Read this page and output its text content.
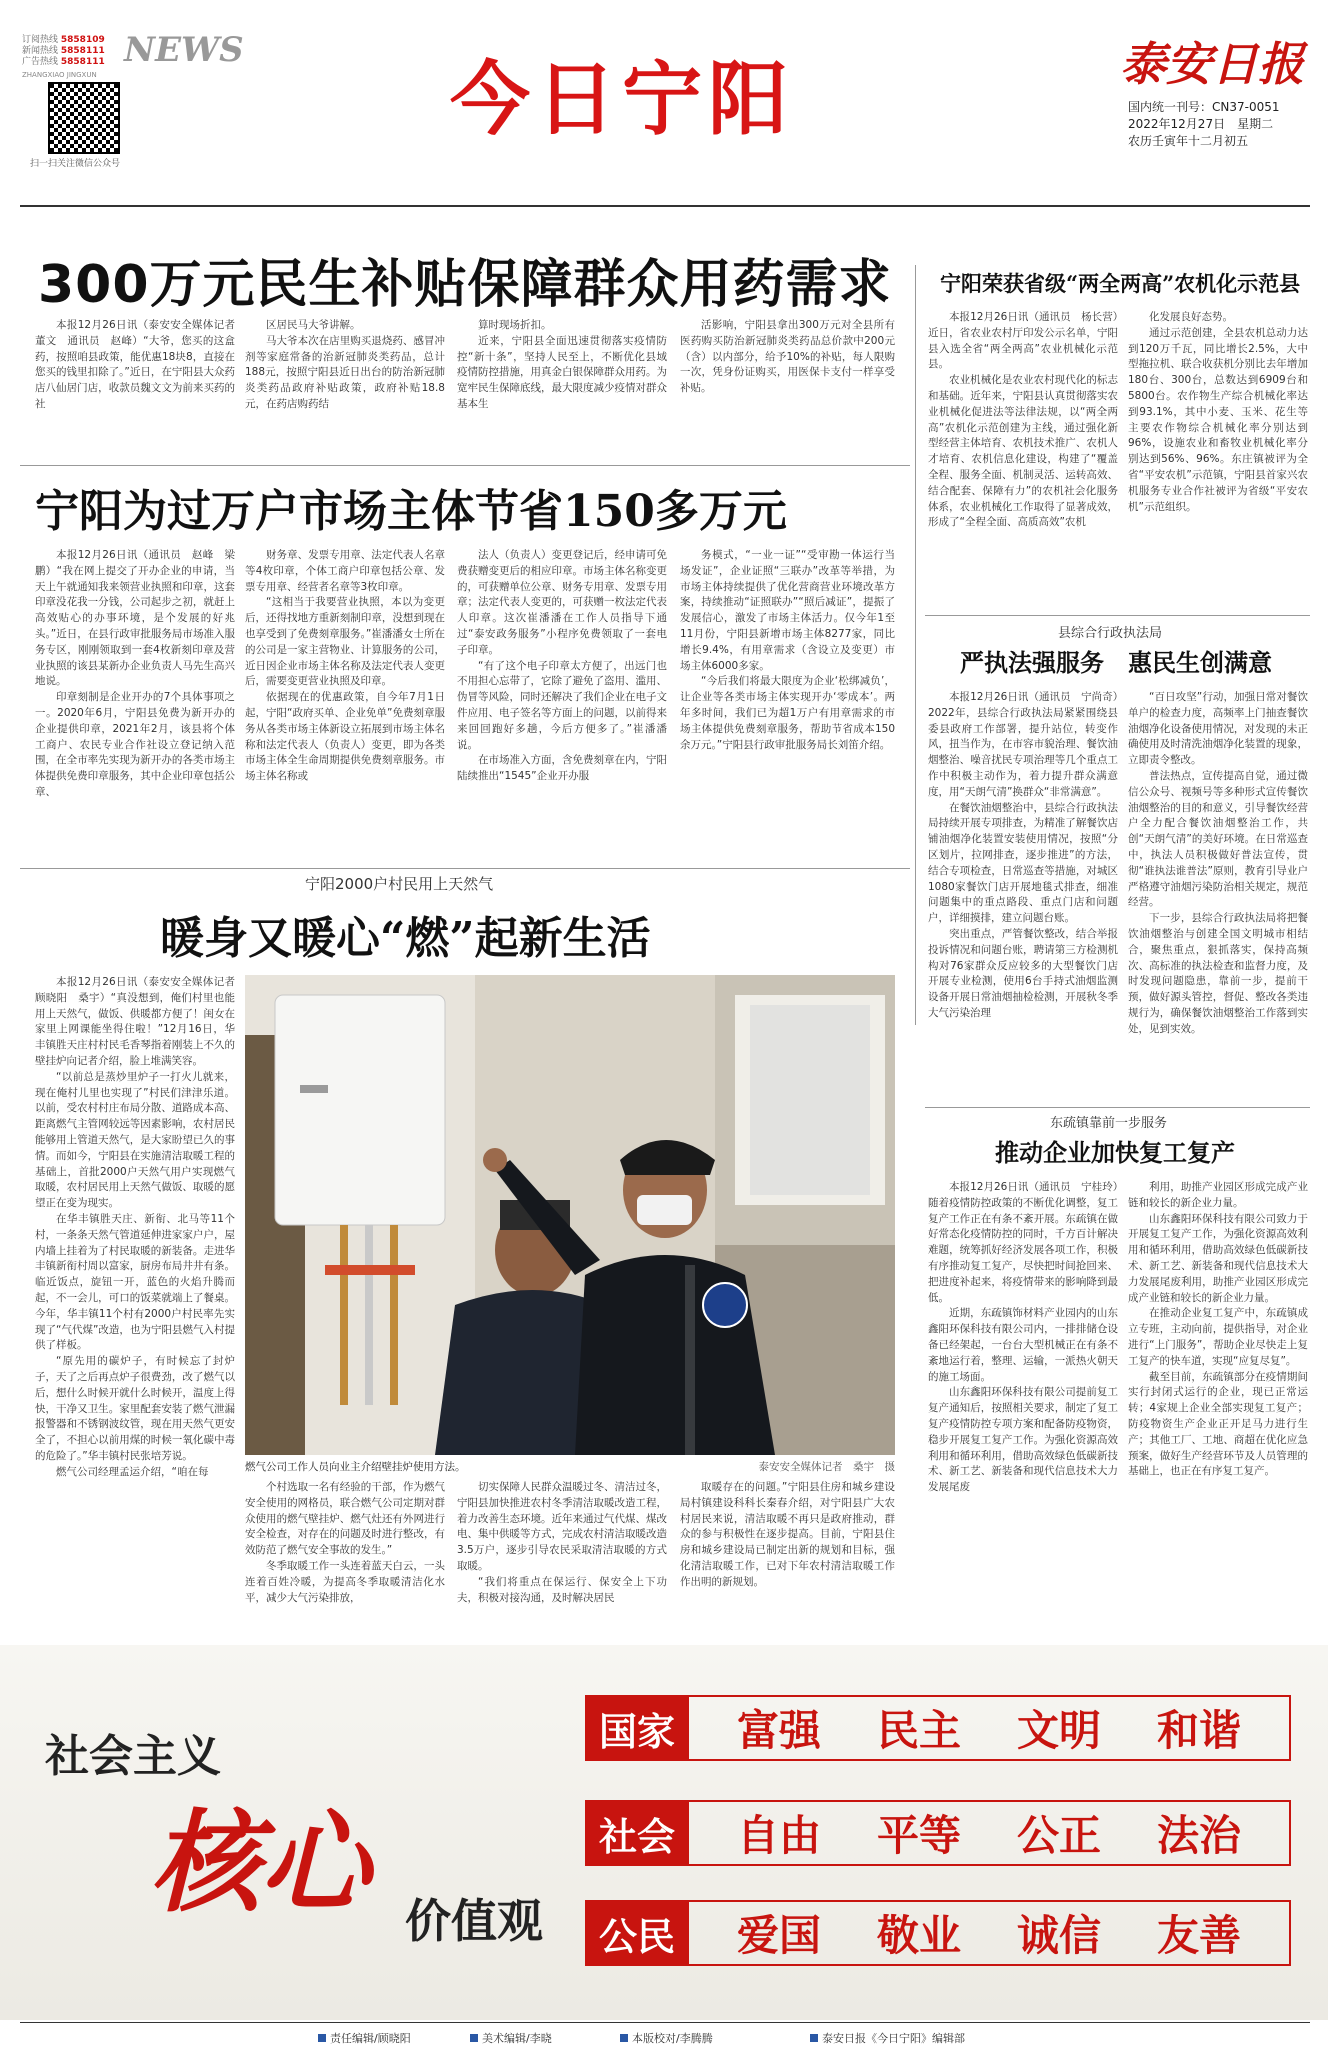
订阅热线 5858109
新闻热线 5858111
广告热线 5858111 NEWS
ZHANGXIAO JINGXUN
扫一扫关注微信公众号
今日宁阳	泰安日报
国内统一刊号：CN37-0051
2022年12月27日　星期二
农历壬寅年十二月初五
300万元民生补贴保障群众用药需求

本报12月26日讯（泰安安全媒体记者　董文　通讯员　赵峰）“大爷，您买的这盒药，按照咱县政策，能优惠18块8，直接在您买的钱里扣除了。”近日，在宁阳县大众药店八仙居门店，收款员魏文文为前来买药的社

区居民马大爷讲解。

马大爷本次在店里购买退烧药、感冒冲剂等家庭常备的治新冠肺炎类药品，总计188元，按照宁阳县近日出台的防治新冠肺炎类药品政府补贴政策，政府补贴18.8元，在药店购药结

算时现场折扣。

近来，宁阳县全面迅速贯彻落实疫情防控“新十条”，坚持人民至上，不断优化县域疫情防控措施，用真金白银保障群众用药。为宽牢民生保障底线，最大限度减少疫情对群众基本生

活影响，宁阳县拿出300万元对全县所有医药购买防治新冠肺炎类药品总价款中200元（含）以内部分，给予10%的补贴，每人限购一次，凭身份证购买，用医保卡支付一样享受补贴。

宁阳荣获省级“两全两高”农机化示范县

本报12月26日讯（通讯员　杨长营）近日，省农业农村厅印发公示名单，宁阳县入选全省“两全两高”农业机械化示范县。

农业机械化是农业农村现代化的标志和基础。近年来，宁阳县认真贯彻落实农业机械化促进法等法律法规，以“两全两高”农机化示范创建为主线，通过强化新型经营主体培育、农机技术推广、农机人才培育、农机信息化建设，构建了“覆盖全程、服务全面、机制灵活、运转高效、结合配套、保障有力”的农机社会化服务体系，农业机械化工作取得了显著成效，形成了“全程全面、高质高效”农机

化发展良好态势。

通过示范创建，全县农机总动力达到120万千瓦，同比增长2.5%，大中型拖拉机、联合收获机分别比去年增加180台、300台，总数达到6909台和5800台。农作物生产综合机械化率达到93.1%，其中小麦、玉米、花生等主要农作物综合机械化率分别达到96%，设施农业和畜牧业机械化率分别达到56%、96%。东庄镇被评为全省“平安农机”示范镇，宁阳县首家兴农机服务专业合作社被评为省级“平安农机”示范组织。

宁阳为过万户市场主体节省150多万元

本报12月26日讯（通讯员　赵峰　梁鹏）“我在网上提交了开办企业的申请，当天上午就通知我来领营业执照和印章，这套印章没花我一分钱，公司起步之初，就赶上高效贴心的办事环境，是个发展的好兆头。”近日，在县行政审批服务局市场准入服务专区，刚刚领取到一套4枚新刻印章及营业执照的该县某新办企业负责人马先生高兴地说。

印章刻制是企业开办的7个具体事项之一。2020年6月，宁阳县免费为新开办的企业提供印章，2021年2月，该县将个体工商户、农民专业合作社设立登记纳入范围，在全市率先实现为新开办的各类市场主体提供免费印章服务，其中企业印章包括公章、

财务章、发票专用章、法定代表人名章等4枚印章，个体工商户印章包括公章、发票专用章、经营者名章等3枚印章。

“这相当于我要营业执照，本以为变更后，还得找地方重新刻制印章，没想到现在也享受到了免费刻章服务。”崔潘潘女士所在的公司是一家主营物业、计算服务的公司，近日因企业市场主体名称及法定代表人变更后，需要变更营业执照及印章。

依据现在的优惠政策，自今年7月1日起，宁阳“政府买单、企业免单”免费刻章服务从各类市场主体新设立拓展到市场主体名称和法定代表人（负责人）变更，即为各类市场主体全生命周期提供免费刻章服务。市场主体名称或

法人（负责人）变更登记后，经申请可免费获赠变更后的相应印章。市场主体名称变更的，可获赠单位公章、财务专用章、发票专用章；法定代表人变更的，可获赠一枚法定代表人印章。这次崔潘潘在工作人员指导下通过“泰安政务服务”小程序免费领取了一套电子印章。

“有了这个电子印章太方便了，出远门也不用担心忘带了，它除了避免了盗用、滥用、伪冒等风险，同时还解决了我们企业在电子文件应用、电子签名等方面上的问题，以前得来来回回跑好多趟，今后方便多了。”崔潘潘说。

在市场准入方面，含免费刻章在内，宁阳陆续推出“1545”企业开办服

务模式，“一业一证”“受审勘一体运行当场发证”，企业证照“三联办”改革等举措，为市场主体持续提供了优化营商营业环境改革方案，持续推动“证照联办”“照后减证”，提振了发展信心，激发了市场主体活力。仅今年1至11月份，宁阳县新增市场主体8277家，同比增长9.4%，有用章需求（含设立及变更）市场主体6000多家。

“今后我们将最大限度为企业‘松绑减负’，让企业等各类市场主体实现开办‘零成本’。两年多时间，我们已为超1万户有用章需求的市场主体提供免费刻章服务，帮助节省成本150余万元。”宁阳县行政审批服务局长刘笛介绍。

县综合行政执法局
严执法强服务　惠民生创满意

本报12月26日讯（通讯员　宁尚奇）2022年，县综合行政执法局紧紧围绕县委县政府工作部署，提升站位，转变作风，扭当作为，在市容市貌治理、餐饮油烟整治、噪音扰民专项治理等几个重点工作中积极主动作为，着力提升群众满意度，用“天朗气清”换群众“非常满意”。

在餐饮油烟整治中，县综合行政执法局持续开展专项排查，为精准了解餐饮店铺油烟净化装置安装使用情况，按照“分区划片，拉网排查，逐步推进”的方法，结合专项检查，日常巡查等措施，对城区1080家餐饮门店开展地毯式排查，细准问题集中的重点路段、重点门店和问题户，详细摸排，建立问题台账。

突出重点，严管餐饮整改，结合举报投诉情况和问题台账，聘请第三方检测机构对76家群众反应较多的大型餐饮门店开展专业检测，使用6台手持式油烟监测设备开展日常油烟抽检检测，开展秋冬季大气污染治理

“百日攻坚”行动，加强日常对餐饮单户的检查力度，高频率上门抽查餐饮油烟净化设备使用情况，对发现的未正确使用及时清洗油烟净化装置的现象，立即责令整改。

普法热点，宣传提高自觉，通过微信公众号、视频号等多种形式宣传餐饮油烟整治的目的和意义，引导餐饮经营户全力配合餐饮油烟整治工作，共创“天朗气清”的美好环境。在日常巡查中，执法人员积极做好普法宣传，贯彻“谁执法谁普法”原则，教育引导业户严格遵守油烟污染防治相关规定，规范经营。

下一步，县综合行政执法局将把餐饮油烟整治与创建全国文明城市相结合，聚焦重点，狠抓落实，保持高频次、高标准的执法检查和监督力度，及时发现问题隐患，靠前一步，提前干预，做好源头管控，督促、整改各类违规行为，确保餐饮油烟整治工作落到实处，见到实效。

宁阳2000户村民用上天然气
暖身又暖心“燃”起新生活

本报12月26日讯（泰安安全媒体记者　顾晓阳　桑宇）“真没想到，俺们村里也能用上天然气，做饭、供暖都方便了！闺女在家里上网课能坐得住啦！”12月16日，华丰镇胜天庄村村民毛香琴指着刚装上不久的壁挂炉向记者介绍，脸上堆满笑容。

“以前总是蒸炒里炉子一打火儿就来，现在俺村儿里也实现了”村民们津津乐道。以前，受农村村庄布局分散、道路成本高、距离燃气主管网较远等因素影响，农村居民能够用上管道天然气，是大家盼望已久的事情。而如今，宁阳县在实施清洁取暖工程的基础上，首批2000户天然气用户实现燃气取暖，农村居民用上天然气做饭、取暖的愿望正在变为现实。

在华丰镇胜天庄、新衔、北马等11个村，一条条天然气管道延伸进家家户户，屋内墙上挂着为了村民取暖的新装备。走进华丰镇新衔村周以富家，厨房布局井井有条。临近饭点，旋钮一开，蓝色的火焰升腾而起，不一会儿，可口的饭菜就端上了餐桌。今年，华丰镇11个村有2000户村民率先实现了“气代煤”改造，也为宁阳县燃气入村提供了样板。

“原先用的碳炉子，有时候忘了封炉子，天了之后再点炉子很费劲，改了燃气以后，想什么时候开就什么时候开，温度上得快，干净又卫生。家里配套安装了燃气泄漏报警器和不锈钢波纹管，现在用天然气更安全了，不担心以前用煤的时候一氧化碳中毒的危险了。”华丰镇村民张培芳说。

燃气公司经理孟运介绍，“咱在每	燃气公司工作人员向业主介绍壁挂炉使用方法。	泰安安全媒体记者　桑宇　摄

个村选取一名有经验的干部，作为燃气安全使用的网格员，联合燃气公司定期对群众使用的燃气壁挂炉、燃气灶还有外网进行安全检查，对存在的问题及时进行整改，有效防范了燃气安全事故的发生。”

冬季取暖工作一头连着蓝天白云，一头连着百姓冷暖，为提高冬季取暖清洁化水平，减少大气污染排放，

切实保障人民群众温暖过冬、清洁过冬，宁阳县加快推进农村冬季清洁取暖改造工程，着力改善生态环境。近年来通过气代煤、煤改电、集中供暖等方式，完成农村清洁取暖改造3.5万户，逐步引导农民采取清洁取暖的方式取暖。

“我们将重点在保运行、保安全上下功夫，积极对接沟通，及时解决居民

取暖存在的问题。”宁阳县住房和城乡建设局村镇建设科科长秦春介绍，对宁阳县广大农村居民来说，清洁取暖不再只是政府推动，群众的参与积极性在逐步提高。目前，宁阳县住房和城乡建设局已制定出新的规划和目标，强化清洁取暖工作，已对下年农村清洁取暖工作作出明的新规划。

东疏镇靠前一步服务
推动企业加快复工复产

本报12月26日讯（通讯员　宁桂玲）随着疫情防控政策的不断优化调整，复工复产工作正在有条不紊开展。东疏镇在做好常态化疫情防控的同时，千方百计解决难题，统筹抓好经济发展各项工作，积极有序推动复工复产，尽快把时间抢回来、把进度补起来，将疫情带来的影响降到最低。

近期，东疏镇饰材料产业园内的山东鑫阳环保科技有限公司内，一排排储仓设备已经架起，一台台大型机械正在有条不紊地运行着，整理、运输，一派热火朝天的施工场面。

山东鑫阳环保科技有限公司提前复工复产通知后，按照相关要求，制定了复工复产疫情防控专项方案和配备防疫物资，稳步开展复工复产工作。为强化资源高效利用和循环利用，借助高效绿色低碳新技术、新工艺、新装备和现代信息技术大力发展尾废

利用，助推产业园区形成完成产业链和较长的新企业力量。

山东鑫阳环保科技有限公司致力于开展复工复产工作，为强化资源高效利用和循环利用，借助高效绿色低碳新技术、新工艺、新装备和现代信息技术大力发展尾废利用，助推产业园区形成完成产业链和较长的新企业力量。

在推动企业复工复产中，东疏镇成立专班，主动向前，提供指导，对企业进行“上门服务”，帮助企业尽快走上复工复产的快车道，实现“应复尽复”。

截至目前，东疏镇部分在疫情期间实行封闭式运行的企业，现已正常运转；4家规上企业全部实现复工复产；防疫物资生产企业正开足马力进行生产；其他工厂、工地、商超在优化应急预案，做好生产经营环节及人员管理的基础上，也正在有序复工复产。

社会主义
核心 价值观
国家	富强	民主	文明	和谐
社会	自由	平等	公正	法治
公民	爱国	敬业	诚信	友善
责任编辑/顾晓阳	美术编辑/李晓	本版校对/李腾腾	泰安日报《今日宁阳》编辑部
